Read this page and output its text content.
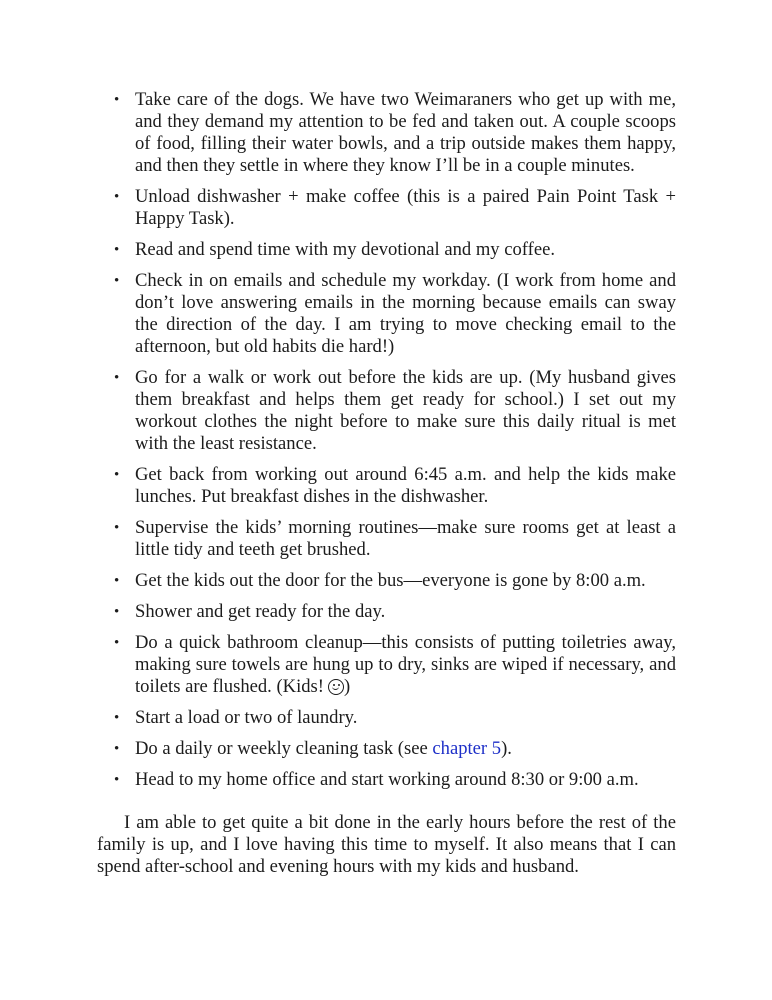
• Take care of the dogs. We have two Weimaraners who get up with me, and they demand my attention to be fed and taken out. A couple scoops of food, filling their water bowls, and a trip outside makes them happy, and then they settle in where they know I’ll be in a couple minutes.
• Unload dishwasher + make coffee (this is a paired Pain Point Task + Happy Task).
• Read and spend time with my devotional and my coffee.
• Check in on emails and schedule my workday. (I work from home and don’t love answering emails in the morning because emails can sway the direction of the day. I am trying to move checking email to the afternoon, but old habits die hard!)
• Go for a walk or work out before the kids are up. (My husband gives them breakfast and helps them get ready for school.) I set out my workout clothes the night before to make sure this daily ritual is met with the least resistance.
• Get back from working out around 6:45 a.m. and help the kids make lunches. Put breakfast dishes in the dishwasher.
• Supervise the kids’ morning routines—make sure rooms get at least a little tidy and teeth get brushed.
• Get the kids out the door for the bus—everyone is gone by 8:00 a.m.
• Shower and get ready for the day.
• Do a quick bathroom cleanup—this consists of putting toiletries away, making sure towels are hung up to dry, sinks are wiped if necessary, and toilets are flushed. (Kids! )
• Start a load or two of laundry.
• Do a daily or weekly cleaning task (see chapter 5).
• Head to my home office and start working around 8:30 or 9:00 a.m.

I am able to get quite a bit done in the early hours before the rest of the family is up, and I love having this time to myself. It also means that I can spend after-school and evening hours with my kids and husband.
